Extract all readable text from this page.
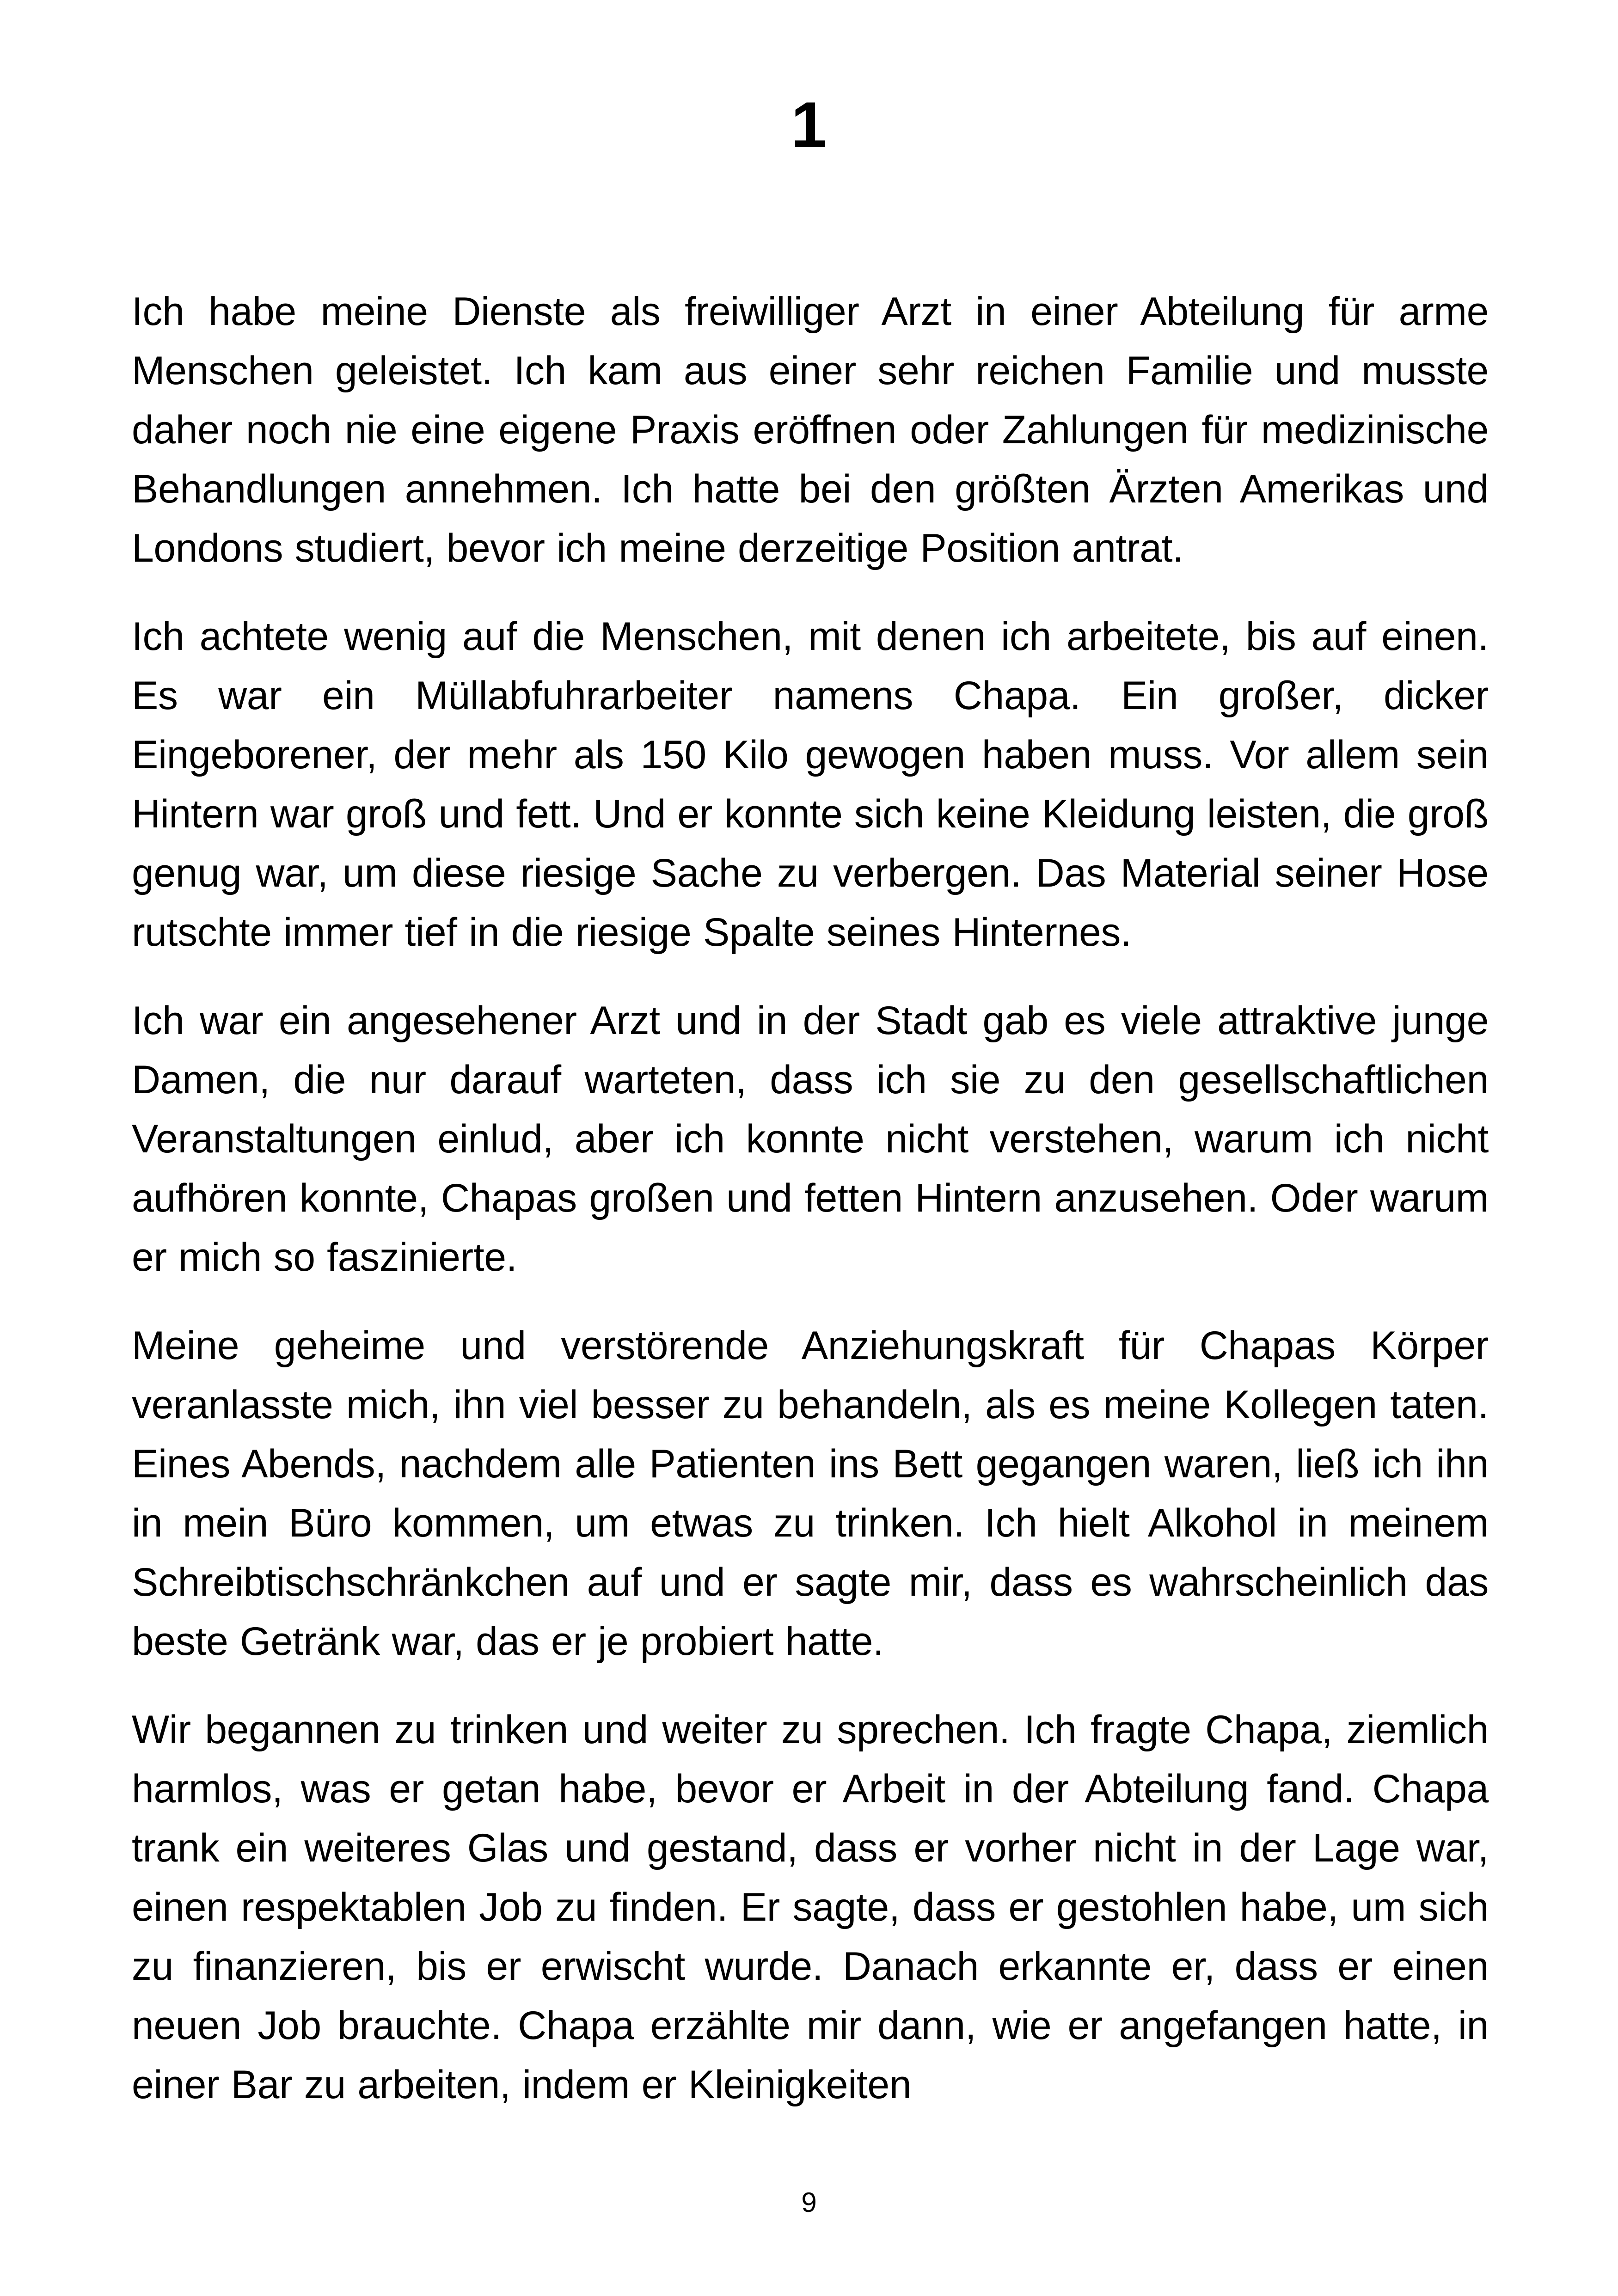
1

Ich habe meine Dienste als freiwilliger Arzt in einer Abteilung für arme Menschen geleistet. Ich kam aus einer sehr reichen Familie und musste daher noch nie eine eigene Praxis eröffnen oder Zahlungen für medizinische Behandlungen annehmen. Ich hatte bei den größten Ärzten Amerikas und Londons studiert, bevor ich meine derzeitige Position antrat.

Ich achtete wenig auf die Menschen, mit denen ich arbeitete, bis auf einen. Es war ein Müllabfuhrarbeiter namens Chapa. Ein großer, dicker Eingeborener, der mehr als 150 Kilo gewogen haben muss. Vor allem sein Hintern war groß und fett. Und er konnte sich keine Kleidung leisten, die groß genug war, um diese riesige Sache zu verbergen. Das Material seiner Hose rutschte immer tief in die riesige Spalte seines Hinternes.

Ich war ein angesehener Arzt und in der Stadt gab es viele attraktive junge Damen, die nur darauf warteten, dass ich sie zu den gesellschaftlichen Veranstaltungen einlud, aber ich konnte nicht verstehen, warum ich nicht aufhören konnte, Chapas großen und fetten Hintern anzusehen. Oder warum er mich so faszinierte.

Meine geheime und verstörende Anziehungskraft für Chapas Körper veranlasste mich, ihn viel besser zu behandeln, als es meine Kollegen taten. Eines Abends, nachdem alle Patienten ins Bett gegangen waren, ließ ich ihn in mein Büro kommen, um etwas zu trinken. Ich hielt Alkohol in meinem Schreibtischschränkchen auf und er sagte mir, dass es wahrscheinlich das beste Getränk war, das er je probiert hatte.

Wir begannen zu trinken und weiter zu sprechen. Ich fragte Chapa, ziemlich harmlos, was er getan habe, bevor er Arbeit in der Abteilung fand. Chapa trank ein weiteres Glas und gestand, dass er vorher nicht in der Lage war, einen respektablen Job zu finden. Er sagte, dass er gestohlen habe, um sich zu finanzieren, bis er erwischt wurde. Danach erkannte er, dass er einen neuen Job brauchte. Chapa erzählte mir dann, wie er angefangen hatte, in einer Bar zu arbeiten, indem er Kleinigkeiten

9
